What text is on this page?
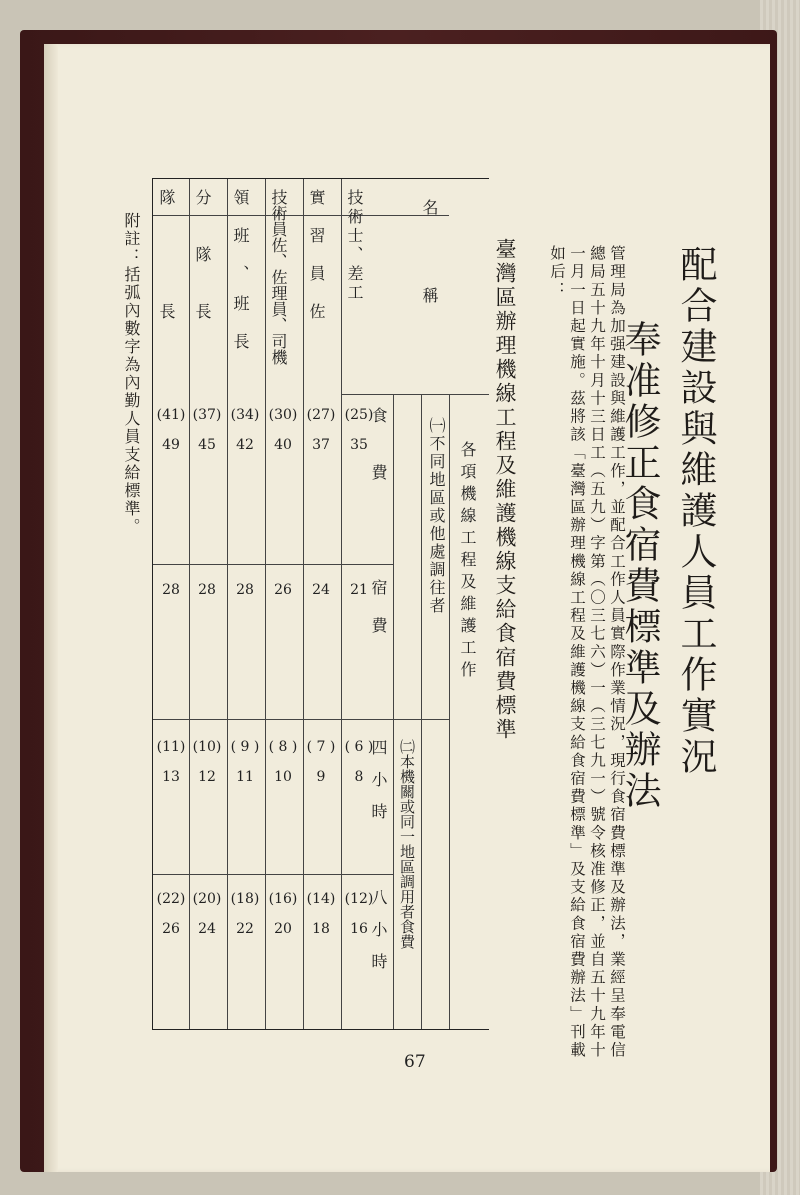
配合建設與維護人員工作實況
奉准修正食宿費標準及辦法
管理局為加强建設與維護工作，並配合工作人員實際作業情況，現行食宿費標準及辦法，業經呈奉電信總局五十九年十月十三日工（五九）字第（〇三七六）一（三七九一）號令核准修正，並自五十九年十一月一日起實施。茲將該「臺灣區辦理機線工程及維護機線支給食宿費標準」及支給食宿費辦法」刊載如后：
臺灣區辦理機線工程及維護機線支給食宿費標準
名　　　稱
各項機線工程及維護工作
㈠不同地區或他處調往者
㈡本機關或同一地區調用者食費
食　　費
宿　費
四　小　時
八　小　時
技術士、差工
實　習　員　佐
技術員佐、佐理員、司機
領　班　、　班　長
分　　隊　　長
隊　　　　　長
(25)
35
(27)
37
(30)
40
(34)
42
(37)
45
(41)
49
21
24
26
28
28
28
( 6 )
8
( 7 )
9
( 8 )
10
( 9 )
11
(10)
12
(11)
13
(12)
16
(14)
18
(16)
20
(18)
22
(20)
24
(22)
26
附註：括弧內數字為內勤人員支給標準。
67
